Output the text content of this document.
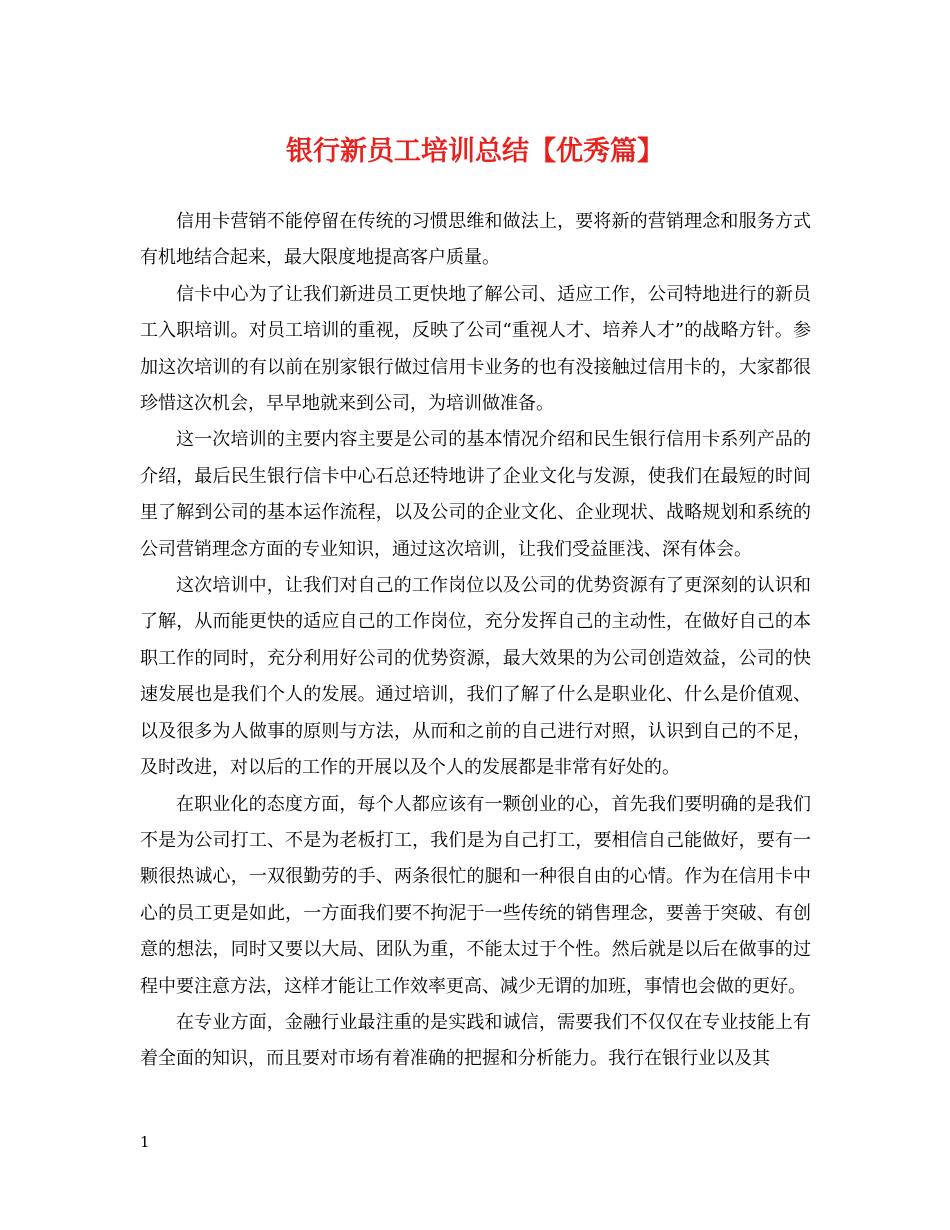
银行新员工培训总结【优秀篇】

信用卡营销不能停留在传统的习惯思维和做法上，要将新的营销理念和服务方式有机地结合起来，最大限度地提高客户质量。

信卡中心为了让我们新进员工更快地了解公司、适应工作，公司特地进行的新员工入职培训。对员工培训的重视，反映了公司“重视人才、培养人才”的战略方针。参加这次培训的有以前在别家银行做过信用卡业务的也有没接触过信用卡的，大家都很珍惜这次机会，早早地就来到公司，为培训做准备。

这一次培训的主要内容主要是公司的基本情况介绍和民生银行信用卡系列产品的介绍，最后民生银行信卡中心石总还特地讲了企业文化与发源，使我们在最短的时间里了解到公司的基本运作流程，以及公司的企业文化、企业现状、战略规划和系统的公司营销理念方面的专业知识，通过这次培训，让我们受益匪浅、深有体会。

这次培训中，让我们对自己的工作岗位以及公司的优势资源有了更深刻的认识和了解，从而能更快的适应自己的工作岗位，充分发挥自己的主动性，在做好自己的本职工作的同时，充分利用好公司的优势资源，最大效果的为公司创造效益，公司的快速发展也是我们个人的发展。通过培训，我们了解了什么是职业化、什么是价值观、以及很多为人做事的原则与方法，从而和之前的自己进行对照，认识到自己的不足，及时改进，对以后的工作的开展以及个人的发展都是非常有好处的。

在职业化的态度方面，每个人都应该有一颗创业的心，首先我们要明确的是我们不是为公司打工、不是为老板打工，我们是为自己打工，要相信自己能做好，要有一颗很热诚心，一双很勤劳的手、两条很忙的腿和一种很自由的心情。作为在信用卡中心的员工更是如此，一方面我们要不拘泥于一些传统的销售理念，要善于突破、有创意的想法，同时又要以大局、团队为重，不能太过于个性。然后就是以后在做事的过程中要注意方法，这样才能让工作效率更高、减少无谓的加班，事情也会做的更好。

在专业方面，金融行业最注重的是实践和诚信，需要我们不仅仅在专业技能上有着全面的知识，而且要对市场有着准确的把握和分析能力。我行在银行业以及其

1
